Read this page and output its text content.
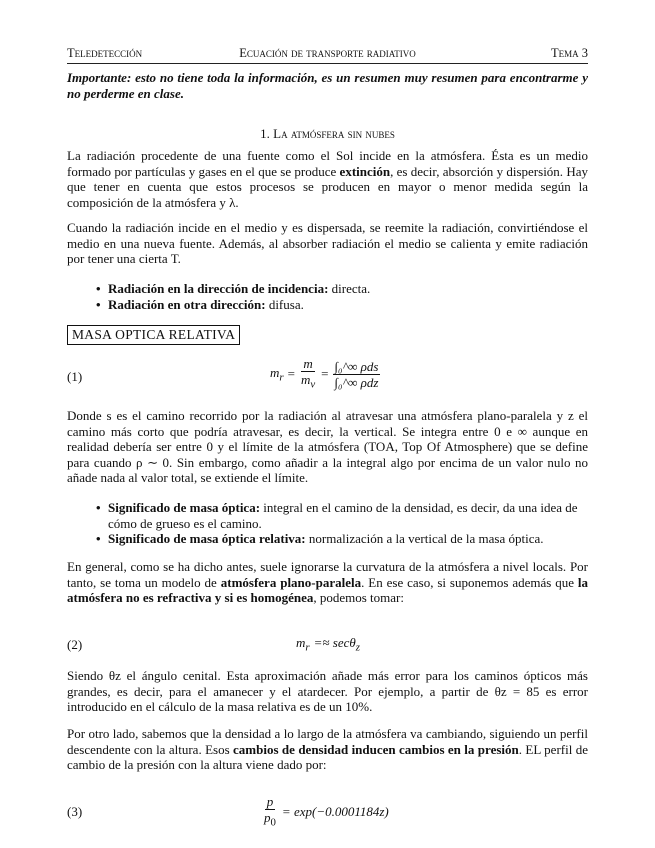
Teledetección	Ecuación de transporte radiativo	Tema 3
Importante: esto no tiene toda la información, es un resumen muy resumen para encontrarme y no perderme en clase.
1. La atmósfera sin nubes
La radiación procedente de una fuente como el Sol incide en la atmósfera. Ésta es un medio formado por partículas y gases en el que se produce extinción, es decir, absorción y dispersión. Hay que tener en cuenta que estos procesos se producen en mayor o menor medida según la composición de la atmósfera y λ.
Cuando la radiación incide en el medio y es dispersada, se reemite la radiación, convirtiéndose el medio en una nueva fuente. Además, al absorber radiación el medio se calienta y emite radiación por tener una cierta T.
• Radiación en la dirección de incidencia: directa.
• Radiación en otra dirección: difusa.
MASA OPTICA RELATIVA
(1)	$m_r = \frac{m}{m_v} = \frac{\text{∫₀\textasciicircum{}∞ ρds}}{\text{∫₀\textasciicircum{}∞ ρdz}}$
Donde s es el camino recorrido por la radiación al atravesar una atmósfera plano-paralela y z el camino más corto que podría atravesar, es decir, la vertical. Se integra entre 0 e ∞ aunque en realidad debería ser entre 0 y el límite de la atmósfera (TOA, Top Of Atmosphere) que se define para cuando ρ ∼ 0. Sin embargo, como añadir a la integral algo por encima de un valor nulo no añade nada al valor total, se extiende el límite.
• Significado de masa óptica: integral en el camino de la densidad, es decir, da una idea de cómo de grueso es el camino.
• Significado de masa óptica relativa: normalización a la vertical de la masa óptica.
En general, como se ha dicho antes, suele ignorarse la curvatura de la atmósfera a nivel locals. Por tanto, se toma un modelo de atmósfera plano-paralela. En ese caso, si suponemos además que la atmósfera no es refractiva y si es homogénea, podemos tomar:
(2)	$m_r =\approx \sec\theta_z$
Siendo θz el ángulo cenital. Esta aproximación añade más error para los caminos ópticos más grandes, es decir, para el amanecer y el atardecer. Por ejemplo, a partir de θz = 85 es error introducido en el cálculo de la masa relativa es de un 10%.
Por otro lado, sabemos que la densidad a lo largo de la atmósfera va cambiando, siguiendo un perfil descendente con la altura. Esos cambios de densidad inducen cambios en la presión. EL perfil de cambio de la presión con la altura viene dado por:
(3)	$\frac{p}{p_0} = \exp(-0.0001184z)$
